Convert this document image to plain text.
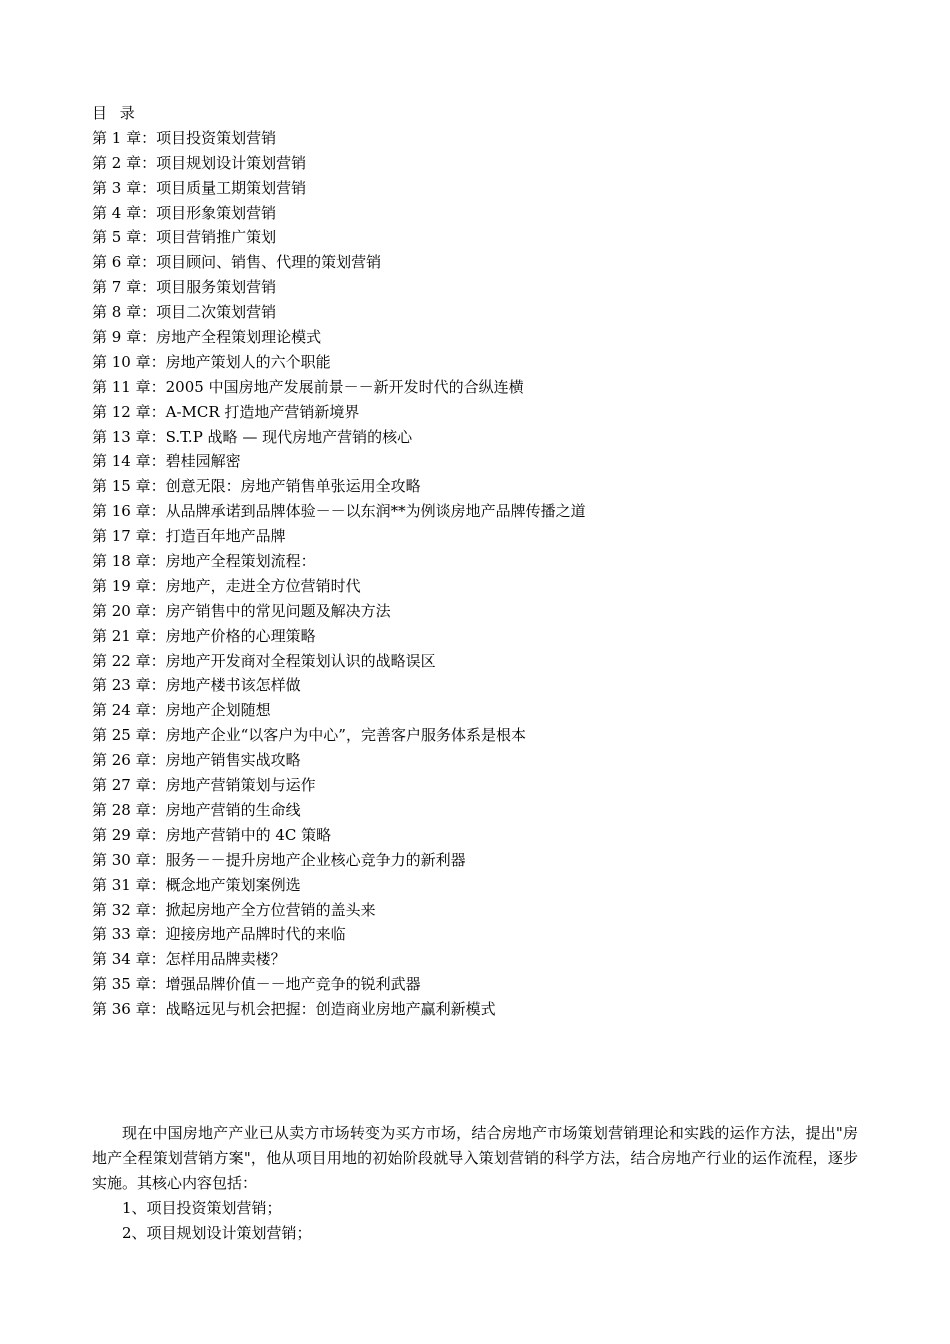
目 录
第 1 章：项目投资策划营销
第 2 章：项目规划设计策划营销
第 3 章：项目质量工期策划营销
第 4 章：项目形象策划营销
第 5 章：项目营销推广策划
第 6 章：项目顾问、销售、代理的策划营销
第 7 章：项目服务策划营销
第 8 章：项目二次策划营销
第 9 章：房地产全程策划理论模式
第 10 章：房地产策划人的六个职能
第 11 章：2005 中国房地产发展前景－－新开发时代的合纵连横
第 12 章：A-MCR 打造地产营销新境界
第 13 章：S.T.P 战略 — 现代房地产营销的核心
第 14 章：碧桂园解密
第 15 章：创意无限：房地产销售单张运用全攻略
第 16 章：从品牌承诺到品牌体验－－以东润**为例谈房地产品牌传播之道
第 17 章：打造百年地产品牌
第 18 章：房地产全程策划流程：
第 19 章：房地产，走进全方位营销时代
第 20 章：房产销售中的常见问题及解决方法
第 21 章：房地产价格的心理策略
第 22 章：房地产开发商对全程策划认识的战略误区
第 23 章：房地产楼书该怎样做
第 24 章：房地产企划随想
第 25 章：房地产企业“以客户为中心”，完善客户服务体系是根本
第 26 章：房地产销售实战攻略
第 27 章：房地产营销策划与运作
第 28 章：房地产营销的生命线
第 29 章：房地产营销中的 4C 策略
第 30 章：服务－－提升房地产企业核心竞争力的新利器
第 31 章：概念地产策划案例选
第 32 章：掀起房地产全方位营销的盖头来
第 33 章：迎接房地产品牌时代的来临
第 34 章：怎样用品牌卖楼？
第 35 章：增强品牌价值－－地产竞争的锐利武器
第 36 章：战略远见与机会把握：创造商业房地产赢利新模式

现在中国房地产产业已从卖方市场转变为买方市场，结合房地产市场策划营销理论和实践的运作方法，提出"房地产全程策划营销方案"，他从项目用地的初始阶段就导入策划营销的科学方法，结合房地产行业的运作流程，逐步实施。其核心内容包括：

1、项目投资策划营销；
2、项目规划设计策划营销；
